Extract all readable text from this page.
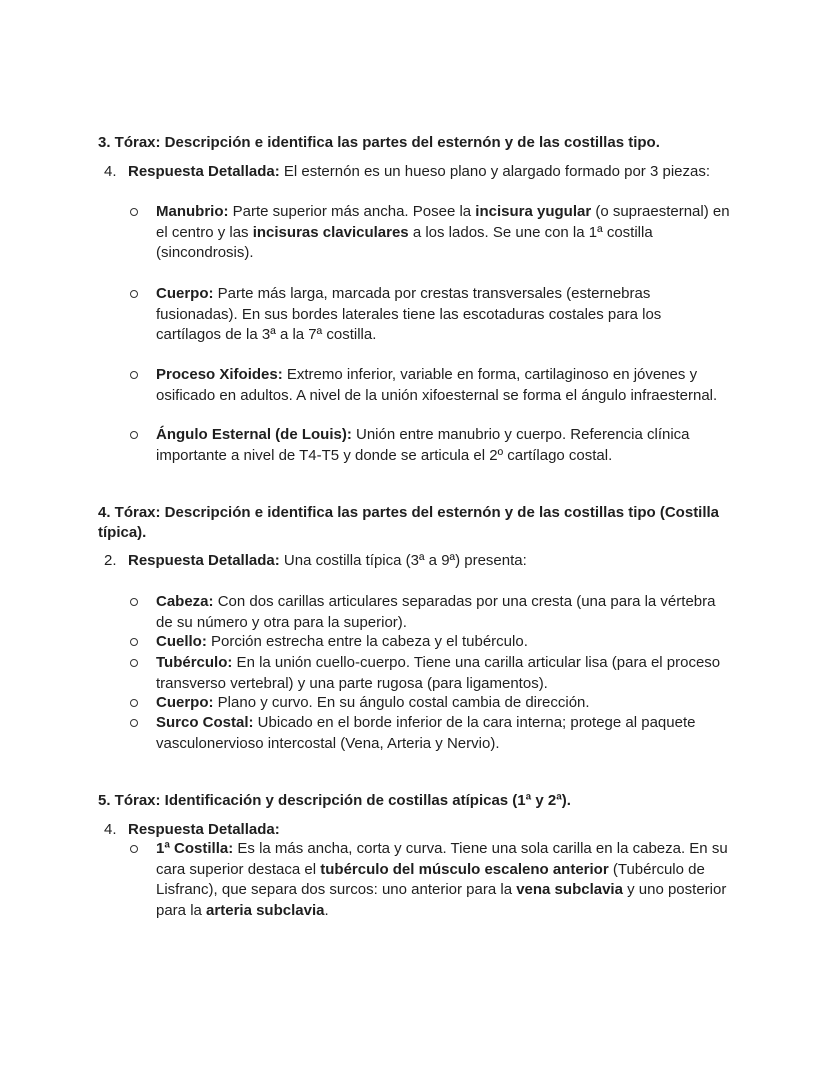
3. Tórax: Descripción e identifica las partes del esternón y de las costillas tipo.
4. Respuesta Detallada: El esternón es un hueso plano y alargado formado por 3 piezas:
Manubrio: Parte superior más ancha. Posee la incisura yugular (o supraesternal) en el centro y las incisuras claviculares a los lados. Se une con la 1ª costilla (sincondrosis).
Cuerpo: Parte más larga, marcada por crestas transversales (esternebras fusionadas). En sus bordes laterales tiene las escotaduras costales para los cartílagos de la 3ª a la 7ª costilla.
Proceso Xifoides: Extremo inferior, variable en forma, cartilaginoso en jóvenes y osificado en adultos. A nivel de la unión xifoesternal se forma el ángulo infraesternal.
Ángulo Esternal (de Louis): Unión entre manubrio y cuerpo. Referencia clínica importante a nivel de T4-T5 y donde se articula el 2º cartílago costal.
4. Tórax: Descripción e identifica las partes del esternón y de las costillas tipo (Costilla típica).
2. Respuesta Detallada: Una costilla típica (3ª a 9ª) presenta:
Cabeza: Con dos carillas articulares separadas por una cresta (una para la vértebra de su número y otra para la superior).
Cuello: Porción estrecha entre la cabeza y el tubérculo.
Tubérculo: En la unión cuello-cuerpo. Tiene una carilla articular lisa (para el proceso transverso vertebral) y una parte rugosa (para ligamentos).
Cuerpo: Plano y curvo. En su ángulo costal cambia de dirección.
Surco Costal: Ubicado en el borde inferior de la cara interna; protege al paquete vasculonervioso intercostal (Vena, Arteria y Nervio).
5. Tórax: Identificación y descripción de costillas atípicas (1ª y 2ª).
4. Respuesta Detallada:
1ª Costilla: Es la más ancha, corta y curva. Tiene una sola carilla en la cabeza. En su cara superior destaca el tubérculo del músculo escaleno anterior (Tubérculo de Lisfranc), que separa dos surcos: uno anterior para la vena subclavia y uno posterior para la arteria subclavia.
